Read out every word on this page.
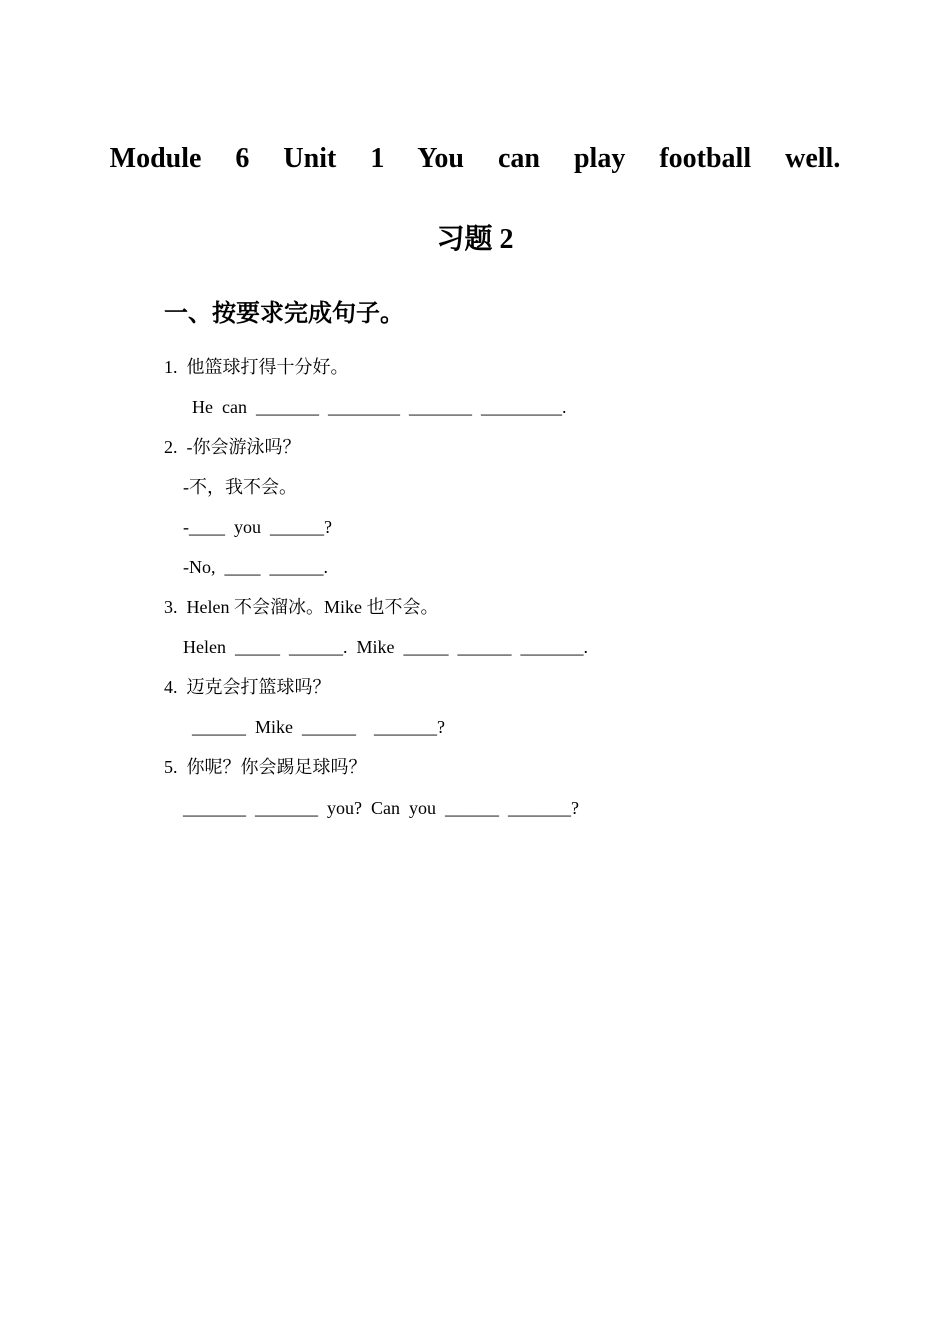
Module  6  Unit  1  You  can  play  football  well.
习题 2
一、按要求完成句子。

1.  他篮球打得十分好。

He  can  _______  ________  _______  _________.

2.  -你会游泳吗？

-不，我不会。

-____  you  ______?

-No,  ____  ______.

3.  Helen 不会溜冰。Mike 也不会。

Helen  _____  ______.  Mike  _____  ______  _______.

4.  迈克会打篮球吗？

______  Mike  ______    _______?

5.  你呢？你会踢足球吗？

_______  _______  you?  Can  you  ______  _______?
